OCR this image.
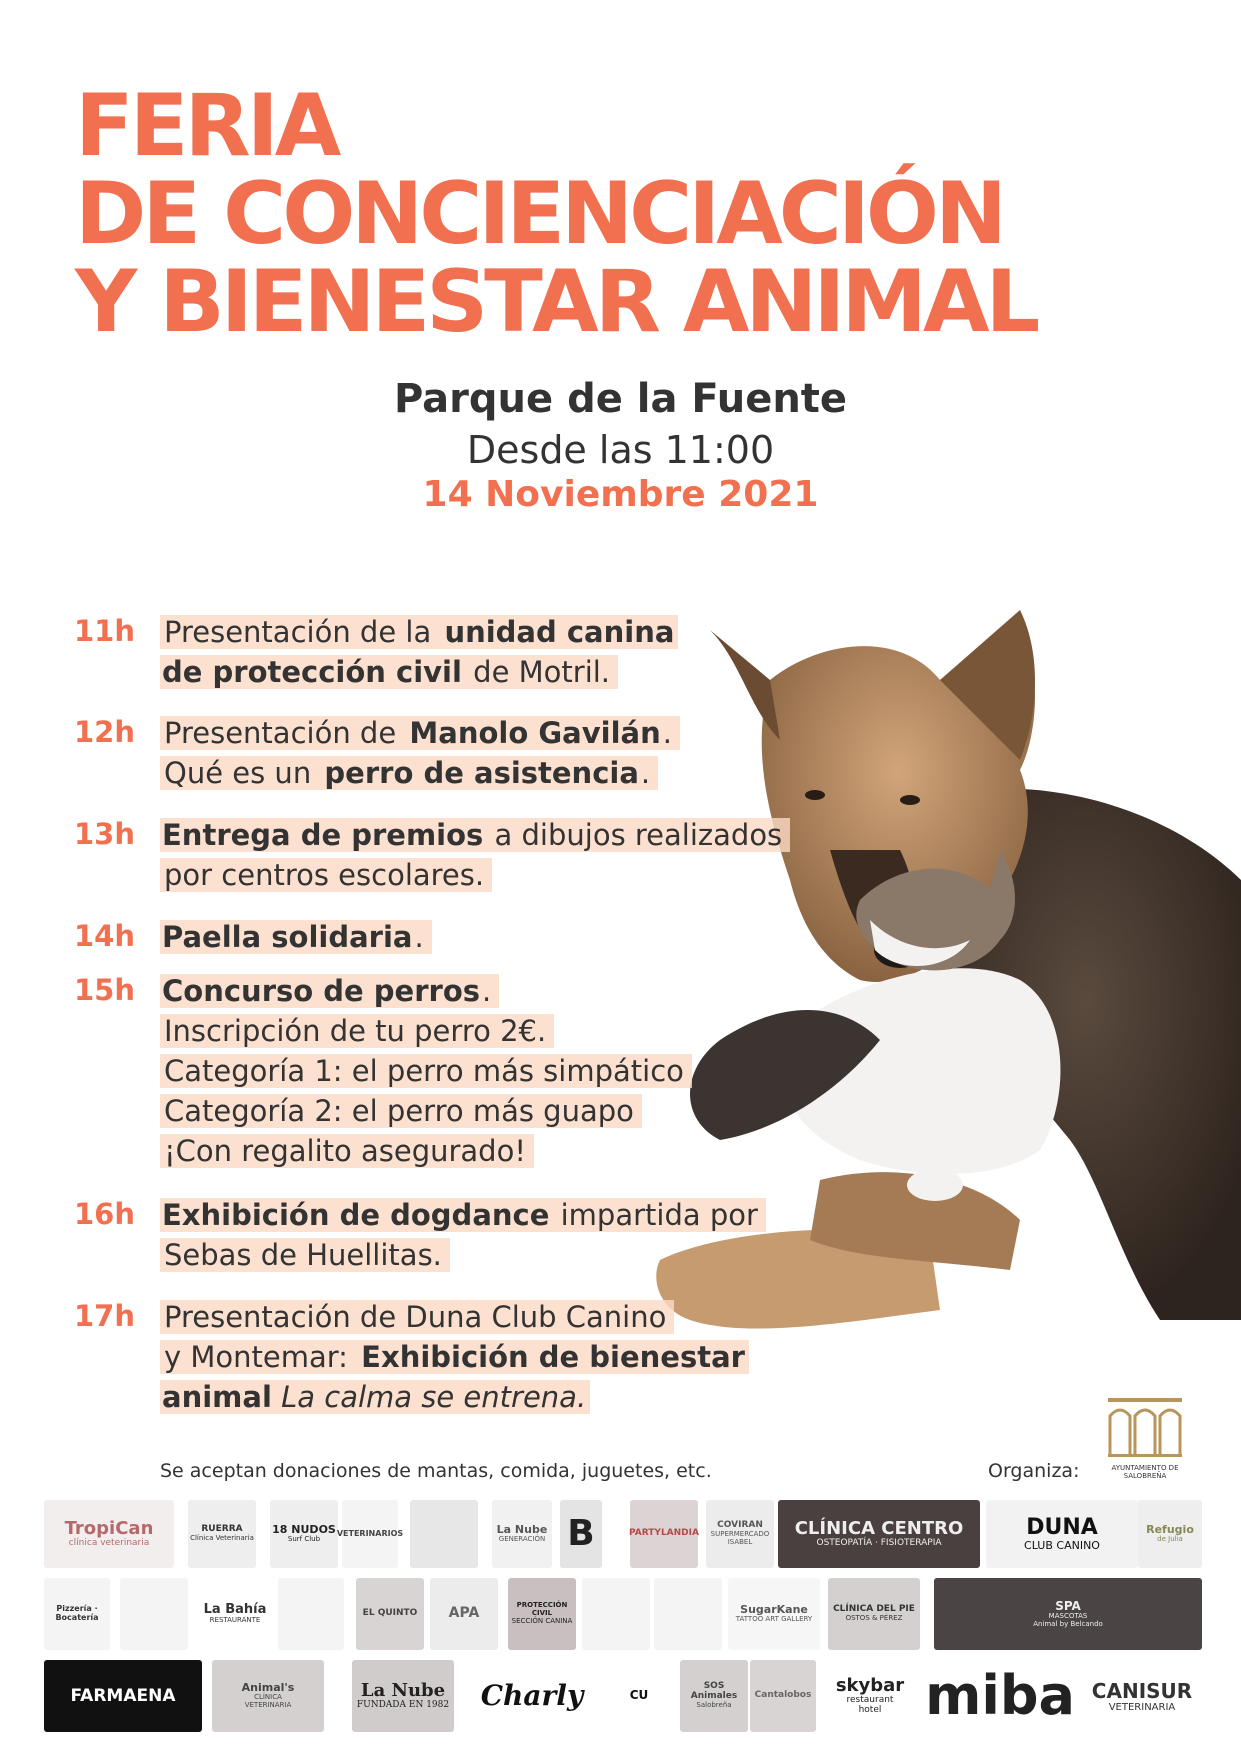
FERIA
DE CONCIENCIACIÓN
Y BIENESTAR ANIMAL
Parque de la Fuente
Desde las 11:00
14 Noviembre 2021
11h Presentación de la unidad canina
de protección civil de Motril.
12h Presentación de Manolo Gavilán.
Qué es un perro de asistencia.
13h Entrega de premios a dibujos realizados
por centros escolares.
14h Paella solidaria.
15h Concurso de perros.
Inscripción de tu perro 2€.
Categoría 1: el perro más simpático
Categoría 2: el perro más guapo
¡Con regalito asegurado!
16h Exhibición de dogdance impartida por
Sebas de Huellitas.
17h Presentación de Duna Club Canino
y Montemar: Exhibición de bienestar
animal La calma se entrena.
Se aceptan donaciones de mantas, comida, juguetes, etc.	Organiza:	AYUNTAMIENTO DE SALOBREÑA
TropiCan
clínica veterinaria
RUERRA
Clínica Veterinaria
18 NUDOS
Surf Club
VETERINARIOS	La Nube
GENERACIÓN B	PARTYLANDIA
COVIRAN
SUPERMERCADO
ISABEL
CLÍNICA CENTRO
OSTEOPATÍA · FISIOTERAPIA
DUNA
CLUB CANINO
Refugio
de Julia
Pizzería · Bocatería
La Bahía
RESTAURANTE
EL QUINTO APA	PROTECCIÓN CIVIL
SECCIÓN CANINA
SugarKane
TATTOO ART GALLERY
CLÍNICA DEL PIE
OSTOS & PÉREZ
SPA
MASCOTAS
Animal by Belcando
FARMAENA	Animal's
CLÍNICA
VETERINARIA
La Nube
FUNDADA EN 1982 Charly	CU
SOS Animales
Salobreña
Cantalobos skybar
restaurant
hotel miba CANISUR
VETERINARIA
